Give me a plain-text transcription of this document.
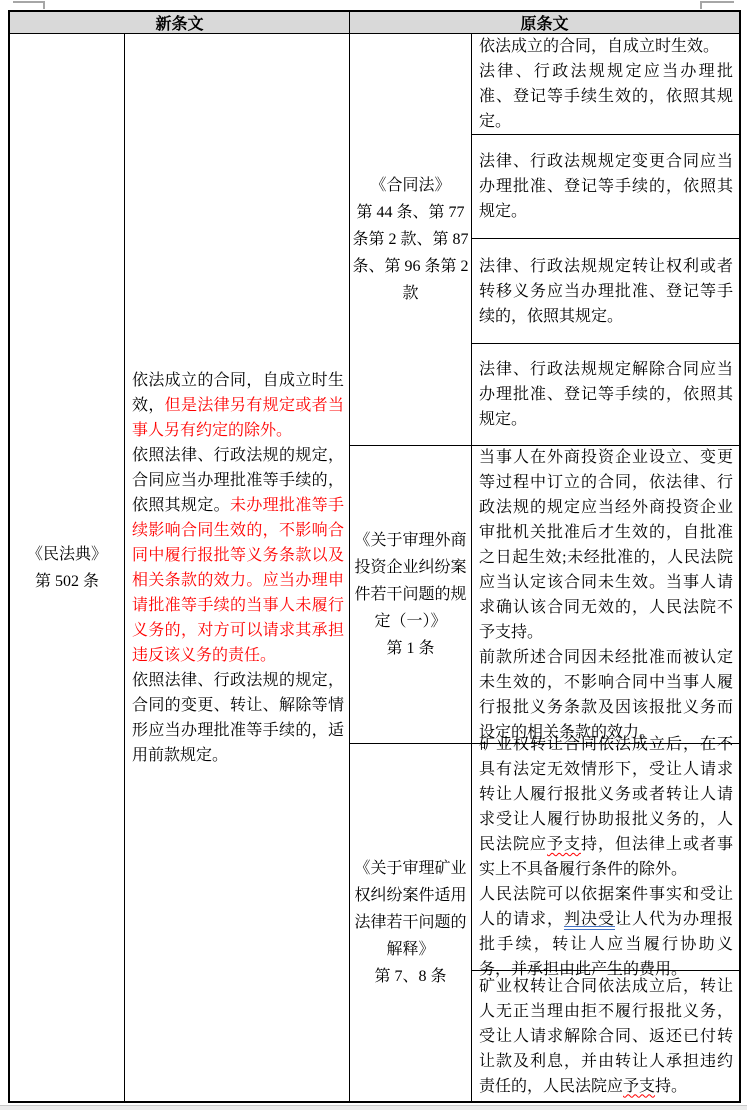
新条文	原条文
《民法典》
第 502 条

依法成立的合同，自成立时生效，但是法律另有规定或者当事人另有约定的除外。

依照法律、行政法规的规定，合同应当办理批准等手续的，依照其规定。未办理批准等手续影响合同生效的，不影响合同中履行报批等义务条款以及相关条款的效力。应当办理申请批准等手续的当事人未履行义务的，对方可以请求其承担违反该义务的责任。

依照法律、行政法规的规定，合同的变更、转让、解除等情形应当办理批准等手续的，适用前款规定。

《合同法》
第 44 条、第 77
条第 2 款、第 87
条、第 96 条第 2
款

依法成立的合同，自成立时生效。

法律、行政法规规定应当办理批准、登记等手续生效的，依照其规定。

法律、行政法规规定变更合同应当办理批准、登记等手续的，依照其规定。

法律、行政法规规定转让权利或者转移义务应当办理批准、登记等手续的，依照其规定。

法律、行政法规规定解除合同应当办理批准、登记等手续的，依照其规定。

《关于审理外商
投资企业纠纷案
件若干问题的规
定（一）》
第 1 条

当事人在外商投资企业设立、变更等过程中订立的合同，依法律、行政法规的规定应当经外商投资企业审批机关批准后才生效的，自批准之日起生效;未经批准的，人民法院应当认定该合同未生效。当事人请求确认该合同无效的，人民法院不予支持。

前款所述合同因未经批准而被认定未生效的，不影响合同中当事人履行报批义务条款及因该报批义务而设定的相关条款的效力。

《关于审理矿业
权纠纷案件适用
法律若干问题的
解释》
第 7、8 条

矿业权转让合同依法成立后，在不具有法定无效情形下，受让人请求转让人履行报批义务或者转让人请求受让人履行协助报批义务的，人民法院应予支持，但法律上或者事实上不具备履行条件的除外。

人民法院可以依据案件事实和受让人的请求，判决受让人代为办理报批手续，转让人应当履行协助义务，并承担由此产生的费用。

矿业权转让合同依法成立后，转让人无正当理由拒不履行报批义务，受让人请求解除合同、返还已付转让款及利息，并由转让人承担违约责任的，人民法院应予支持。
